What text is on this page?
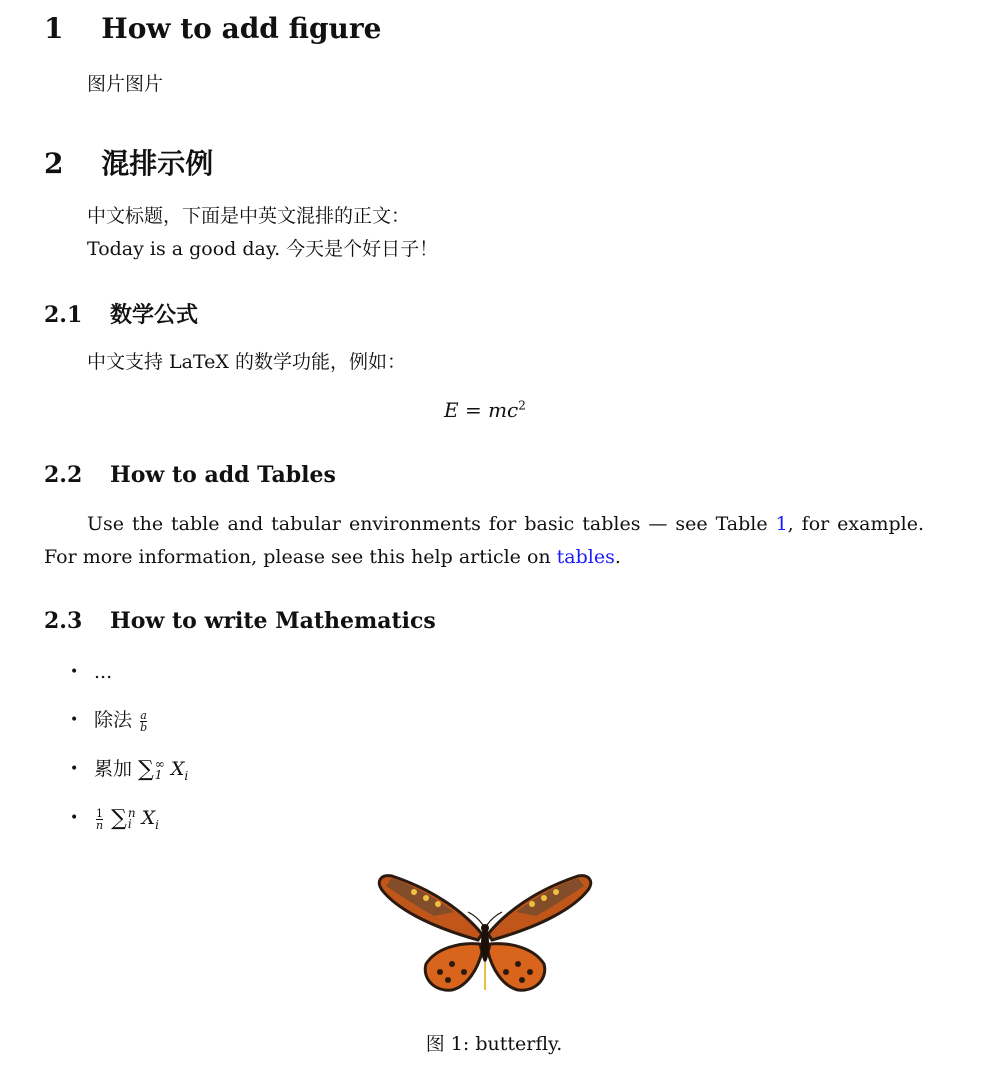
1 How to add figure
图片图片
2 混排示例
中文标题，下面是中英文混排的正文：
Today is a good day. 今天是个好日子！
2.1 数学公式
中文支持 LaTeX 的数学功能，例如：
$E = mc^2$
2.2 How to add Tables
Use the table and tabular environments for basic tables — see Table 1, for example. For more information, please see this help article on tables.
2.3 How to write Mathematics
• ...
• 除法 $\frac{a}{b}$
• 累加 ∑ ∞
1 $X_i$
• $\frac{1}{n}$
∑ n
i $X_i$
图 1: butterfly.
